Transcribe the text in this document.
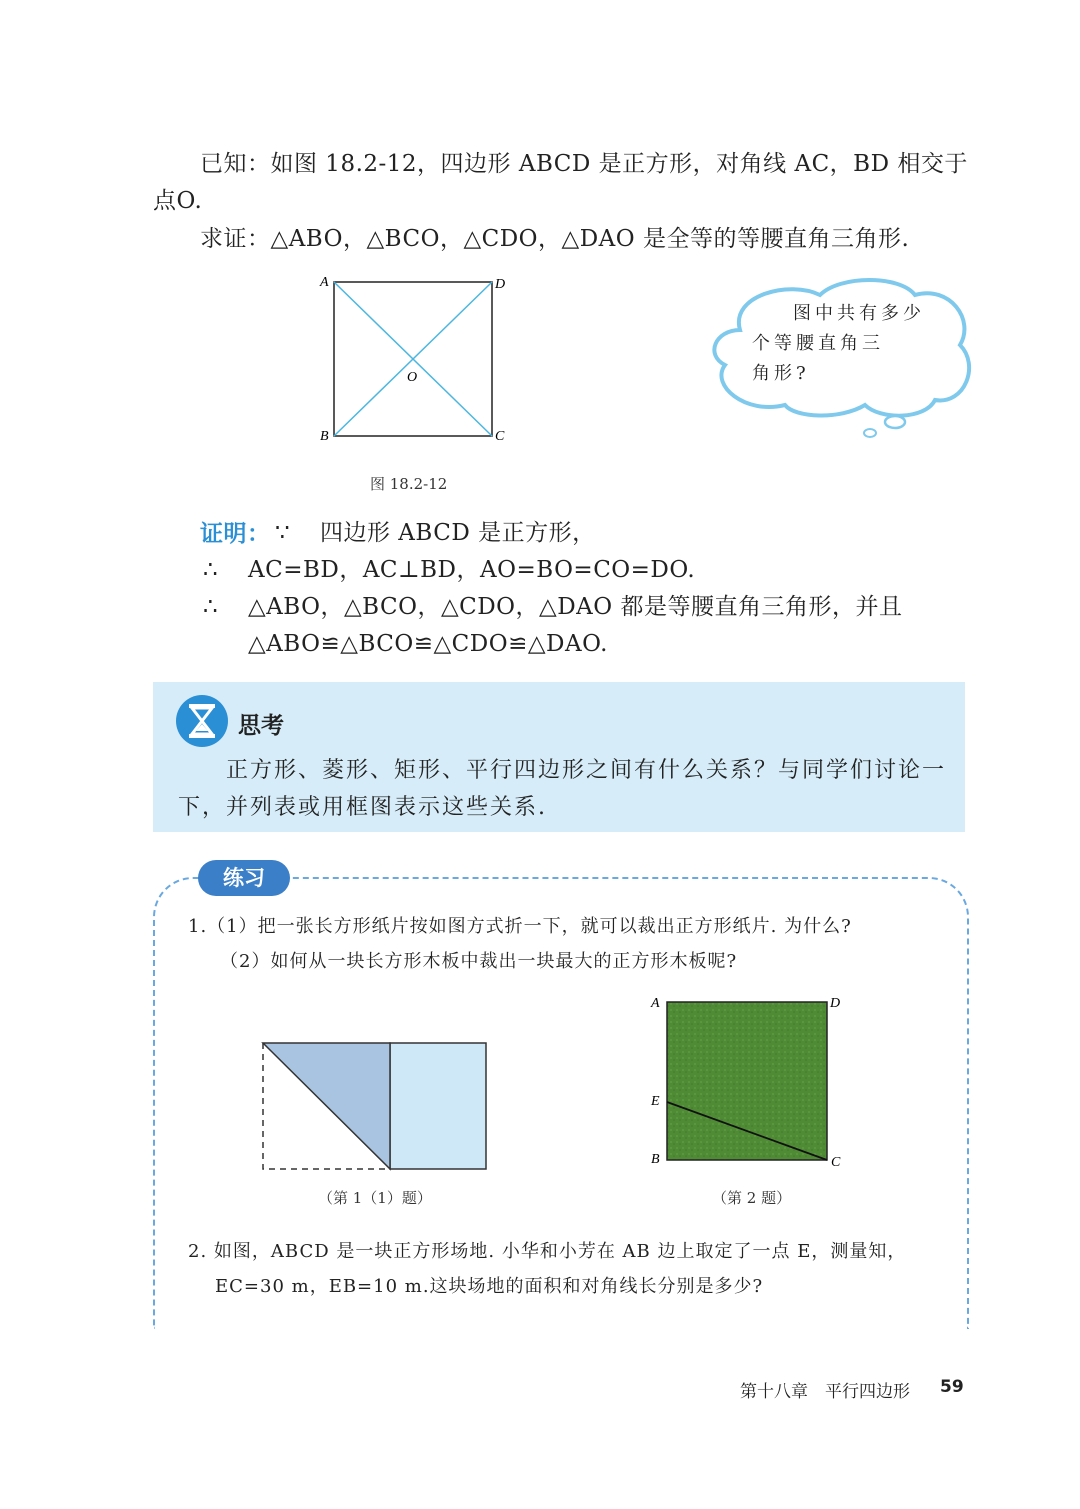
已知：如图 18.2-12，四边形 ABCD 是正方形，对角线 AC，BD 相交于
点O.
求证：△ABO，△BCO，△CDO，△DAO 是全等的等腰直角三角形.
A	D
B	C
O
图 18.2-12
图中共有多少
个等腰直角三
角形?
证明： ∵ 四边形 ABCD 是正方形，
∴ AC=BD，AC⊥BD，AO=BO=CO=DO.
∴ △ABO，△BCO，△CDO，△DAO 都是等腰直角三角形，并且
△ABO≌△BCO≌△CDO≌△DAO.
思考
正方形、菱形、矩形、平行四边形之间有什么关系？与同学们讨论一下，并列表或用框图表示这些关系.
练习
1.（1）把一张长方形纸片按如图方式折一下，就可以裁出正方形纸片. 为什么?
（2）如何从一块长方形木板中裁出一块最大的正方形木板呢?
（第 1（1）题）
A	D
E
B	C
（第 2 题）
2. 如图，ABCD 是一块正方形场地. 小华和小芳在 AB 边上取定了一点 E，测量知，
EC=30 m，EB=10 m.这块场地的面积和对角线长分别是多少?
第十八章　平行四边形 59
